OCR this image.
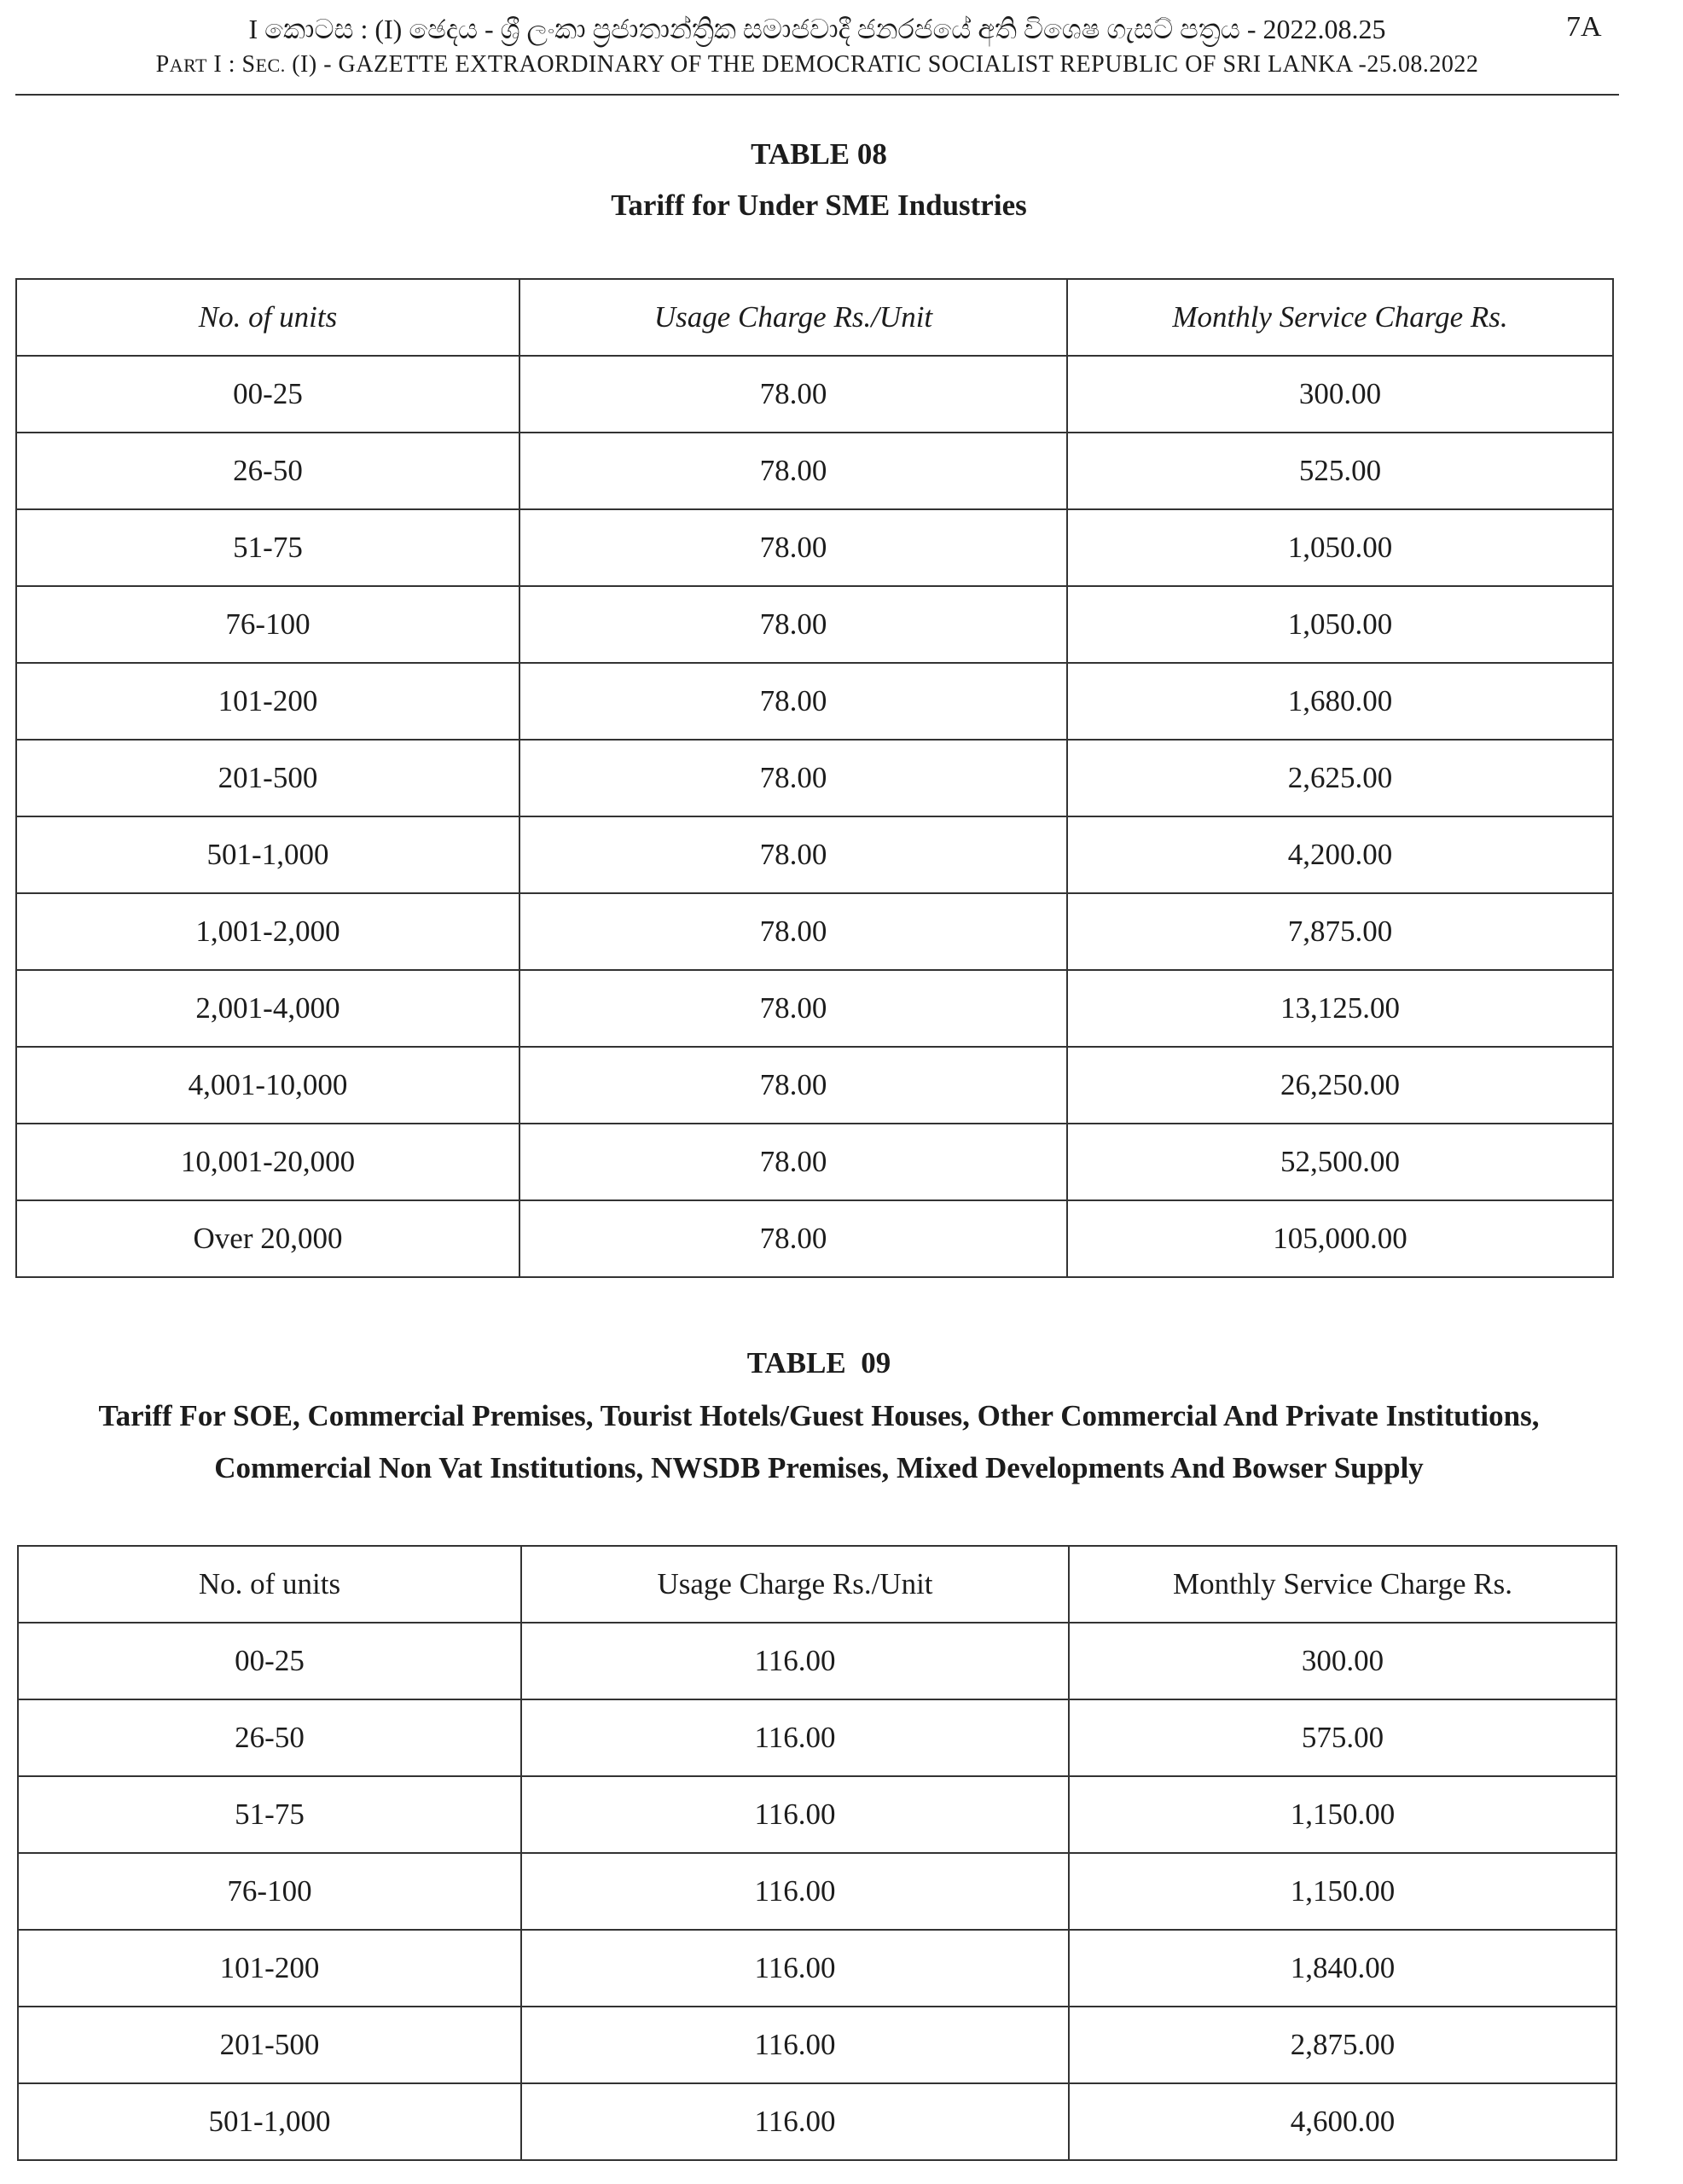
I කොටස : (I) ඡෙදය - ශ්‍රී ලංකා ප්‍රජාතාන්ත්‍රික සමාජවාදී ජනරජයේ අති විශෙෂ ගැසට් පත්‍රය - 2022.08.25
PART I : SEC. (I) - GAZETTE EXTRAORDINARY OF THE DEMOCRATIC SOCIALIST REPUBLIC OF SRI LANKA -25.08.2022
7A
TABLE 08
Tariff for Under SME Industries
No. of units	Usage Charge Rs./Unit	Monthly Service Charge Rs.
00-25	78.00	300.00
26-50	78.00	525.00
51-75	78.00	1,050.00
76-100	78.00	1,050.00
101-200	78.00	1,680.00
201-500	78.00	2,625.00
501-1,000	78.00	4,200.00
1,001-2,000	78.00	7,875.00
2,001-4,000	78.00	13,125.00
4,001-10,000	78.00	26,250.00
10,001-20,000	78.00	52,500.00
Over 20,000	78.00	105,000.00
TABLE  09
Tariff For SOE, Commercial Premises, Tourist Hotels/Guest Houses, Other Commercial And Private Institutions,
Commercial Non Vat Institutions, NWSDB Premises, Mixed Developments And Bowser Supply
No. of units	Usage Charge Rs./Unit	Monthly Service Charge Rs.
00-25	116.00	300.00
26-50	116.00	575.00
51-75	116.00	1,150.00
76-100	116.00	1,150.00
101-200	116.00	1,840.00
201-500	116.00	2,875.00
501-1,000	116.00	4,600.00
